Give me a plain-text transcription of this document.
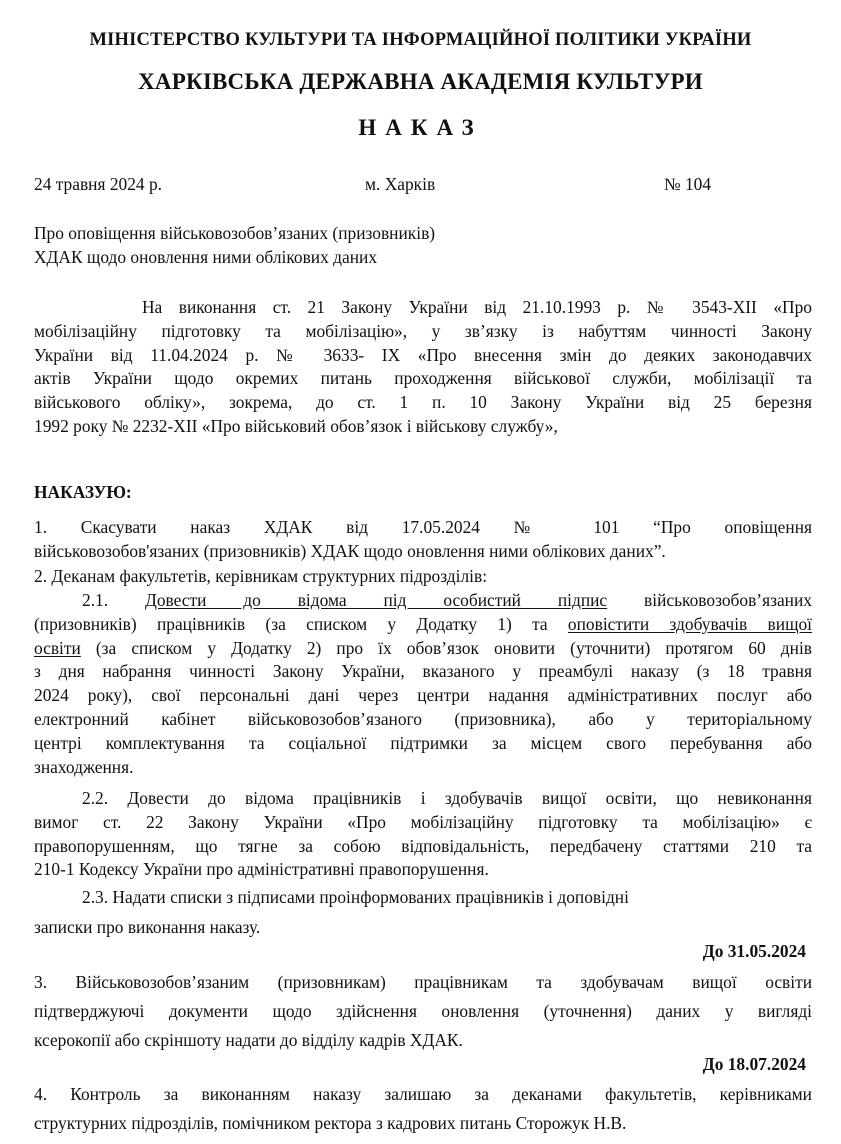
МІНІСТЕРСТВО КУЛЬТУРИ ТА ІНФОРМАЦІЙНОЇ ПОЛІТИКИ УКРАЇНИ
ХАРКІВСЬКА ДЕРЖАВНА АКАДЕМІЯ КУЛЬТУРИ
НАКАЗ
24 травня 2024 р.	м. Харків	№ 104
Про оповіщення військовозобов’язаних (призовників)
ХДАК щодо оновлення ними облікових даних
На виконання ст. 21 Закону України від 21.10.1993 р. № 3543-XII «Про
мобілізаційну підготовку та мобілізацію», у зв’язку із набуттям чинності Закону
України від 11.04.2024 р. № 3633- IX «Про внесення змін до деяких законодавчих
актів України щодо окремих питань проходження військової служби, мобілізації та
військового обліку», зокрема, до ст. 1 п. 10 Закону України від 25 березня
1992 року № 2232-XII «Про військовий обов’язок і військову службу»,
НАКАЗУЮ:
1. Скасувати наказ ХДАК від 17.05.2024 № 101 “Про оповіщення
військовозобов'язаних (призовників) ХДАК щодо оновлення ними облікових даних”.
2. Деканам факультетів, керівникам структурних підрозділів:
2.1. Довести до відома під особистий підпис військовозобов’язаних
(призовників) працівників (за списком у Додатку 1) та оповістити здобувачів вищої
освіти (за списком у Додатку 2) про їх обов’язок оновити (уточнити) протягом 60 днів
з дня набрання чинності Закону України, вказаного у преамбулі наказу (з 18 травня
2024 року), свої персональні дані через центри надання адміністративних послуг або
електронний кабінет військовозобов’язаного (призовника), або у територіальному
центрі комплектування та соціальної підтримки за місцем свого перебування або
знаходження.
2.2. Довести до відома працівників і здобувачів вищої освіти, що невиконання
вимог ст. 22 Закону України «Про мобілізаційну підготовку та мобілізацію» є
правопорушенням, що тягне за собою відповідальність, передбачену статтями 210 та
210-1 Кодексу України про адміністративні правопорушення.
2.3. Надати списки з підписами проінформованих працівників і доповідні
записки про виконання наказу.
До 31.05.2024
3. Військовозобов’язаним (призовникам) працівникам та здобувачам вищої освіти
підтверджуючі документи щодо здійснення оновлення (уточнення) даних у вигляді
ксерокопії або скріншоту надати до відділу кадрів ХДАК.
До 18.07.2024
4. Контроль за виконанням наказу залишаю за деканами факультетів, керівниками
структурних підрозділів, помічником ректора з кадрових питань Сторожук Н.В.
